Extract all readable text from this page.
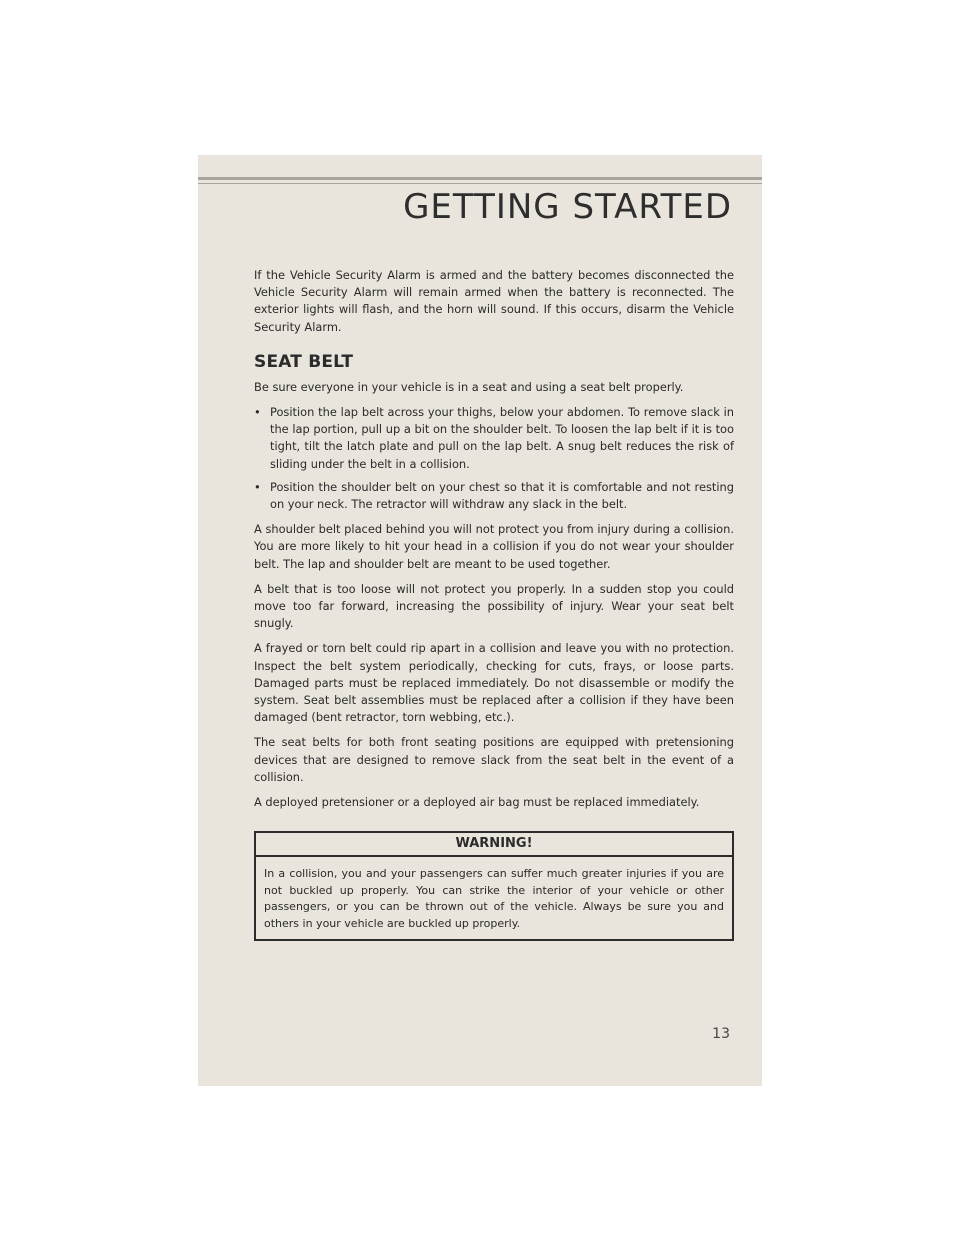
GETTING STARTED

If the Vehicle Security Alarm is armed and the battery becomes disconnected the Vehicle Security Alarm will remain armed when the battery is reconnected. The exterior lights will flash, and the horn will sound. If this occurs, disarm the Vehicle Security Alarm.

SEAT BELT

Be sure everyone in your vehicle is in a seat and using a seat belt properly.

• Position the lap belt across your thighs, below your abdomen. To remove slack in the lap portion, pull up a bit on the shoulder belt. To loosen the lap belt if it is too tight, tilt the latch plate and pull on the lap belt. A snug belt reduces the risk of sliding under the belt in a collision.
• Position the shoulder belt on your chest so that it is comfortable and not resting on your neck. The retractor will withdraw any slack in the belt.

A shoulder belt placed behind you will not protect you from injury during a collision. You are more likely to hit your head in a collision if you do not wear your shoulder belt. The lap and shoulder belt are meant to be used together.

A belt that is too loose will not protect you properly. In a sudden stop you could move too far forward, increasing the possibility of injury. Wear your seat belt snugly.

A frayed or torn belt could rip apart in a collision and leave you with no protection. Inspect the belt system periodically, checking for cuts, frays, or loose parts. Damaged parts must be replaced immediately. Do not disassemble or modify the system. Seat belt assemblies must be replaced after a collision if they have been damaged (bent retractor, torn webbing, etc.).

The seat belts for both front seating positions are equipped with pretensioning devices that are designed to remove slack from the seat belt in the event of a collision.

A deployed pretensioner or a deployed air bag must be replaced immediately.

WARNING!
In a collision, you and your passengers can suffer much greater injuries if you are not buckled up properly. You can strike the interior of your vehicle or other passengers, or you can be thrown out of the vehicle. Always be sure you and others in your vehicle are buckled up properly.
13
